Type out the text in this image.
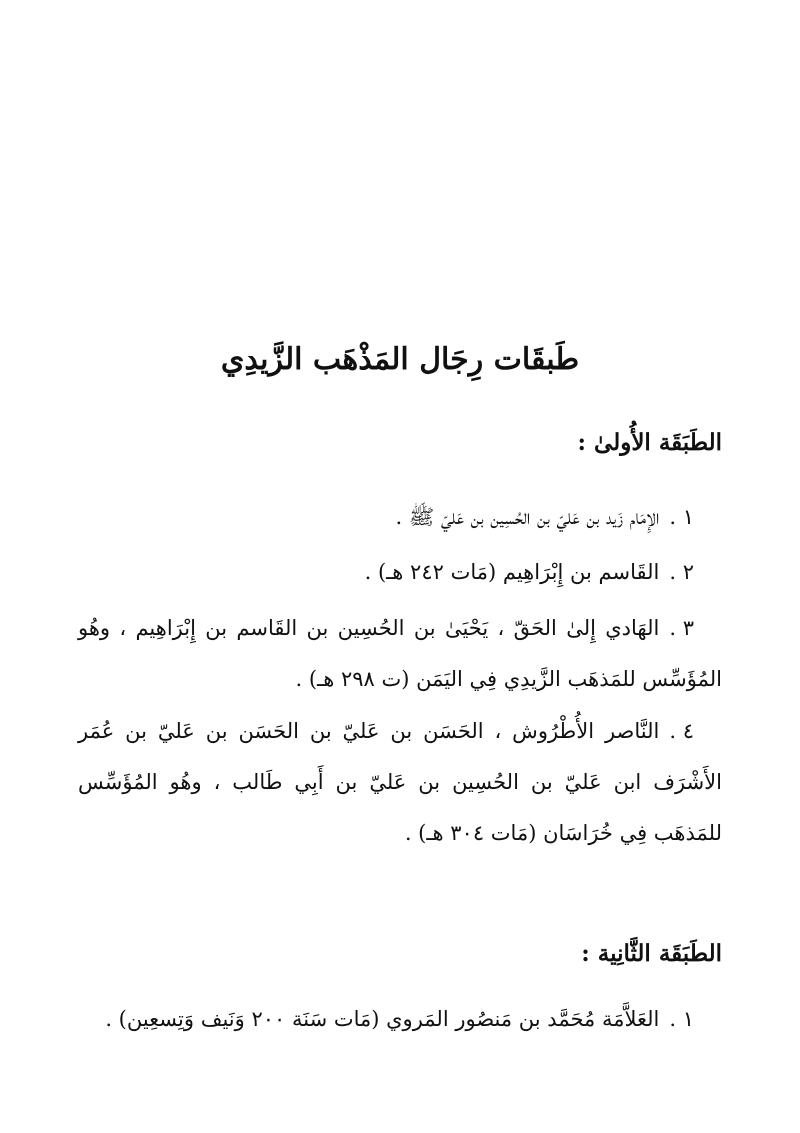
طَبقَات رِجَال المَذْهَب الزَّيدِي
الطَبَقَة الأُولىٰ :

١ .الإِمَام زَيد بن عَليّ بن الحُسِين بن عَليّ ﷺ .

٢ .القَاسم بن إِبْرَاهِيم (مَات ٢٤٢ هـ) .

٣ .الهَادي إِلىٰ الحَقّ ، يَحْيَىٰ بن الحُسِين بن القَاسم بن إِبْرَاهِيم ، وهُو المُؤَسِّس للمَذهَب الزَّيدِي فِي اليَمَن (ت ٢٩٨ هـ) .

٤ .النَّاصر الأُطْرُوش ، الحَسَن بن عَليّ بن الحَسَن بن عَليّ بن عُمَر الأَشْرَف ابن عَليّ بن الحُسِين بن عَليّ بن أَبِي طَالب ، وهُو المُؤَسِّس للمَذهَب فِي خُرَاسَان (مَات ٣٠٤ هـ) .

الطَبَقَة الثَّانِية :

١ .العَلاَّمَة مُحَمَّد بن مَنصُور المَروي (مَات سَنَة ٢٠٠ وَنَيف وَتِسعِين) .
